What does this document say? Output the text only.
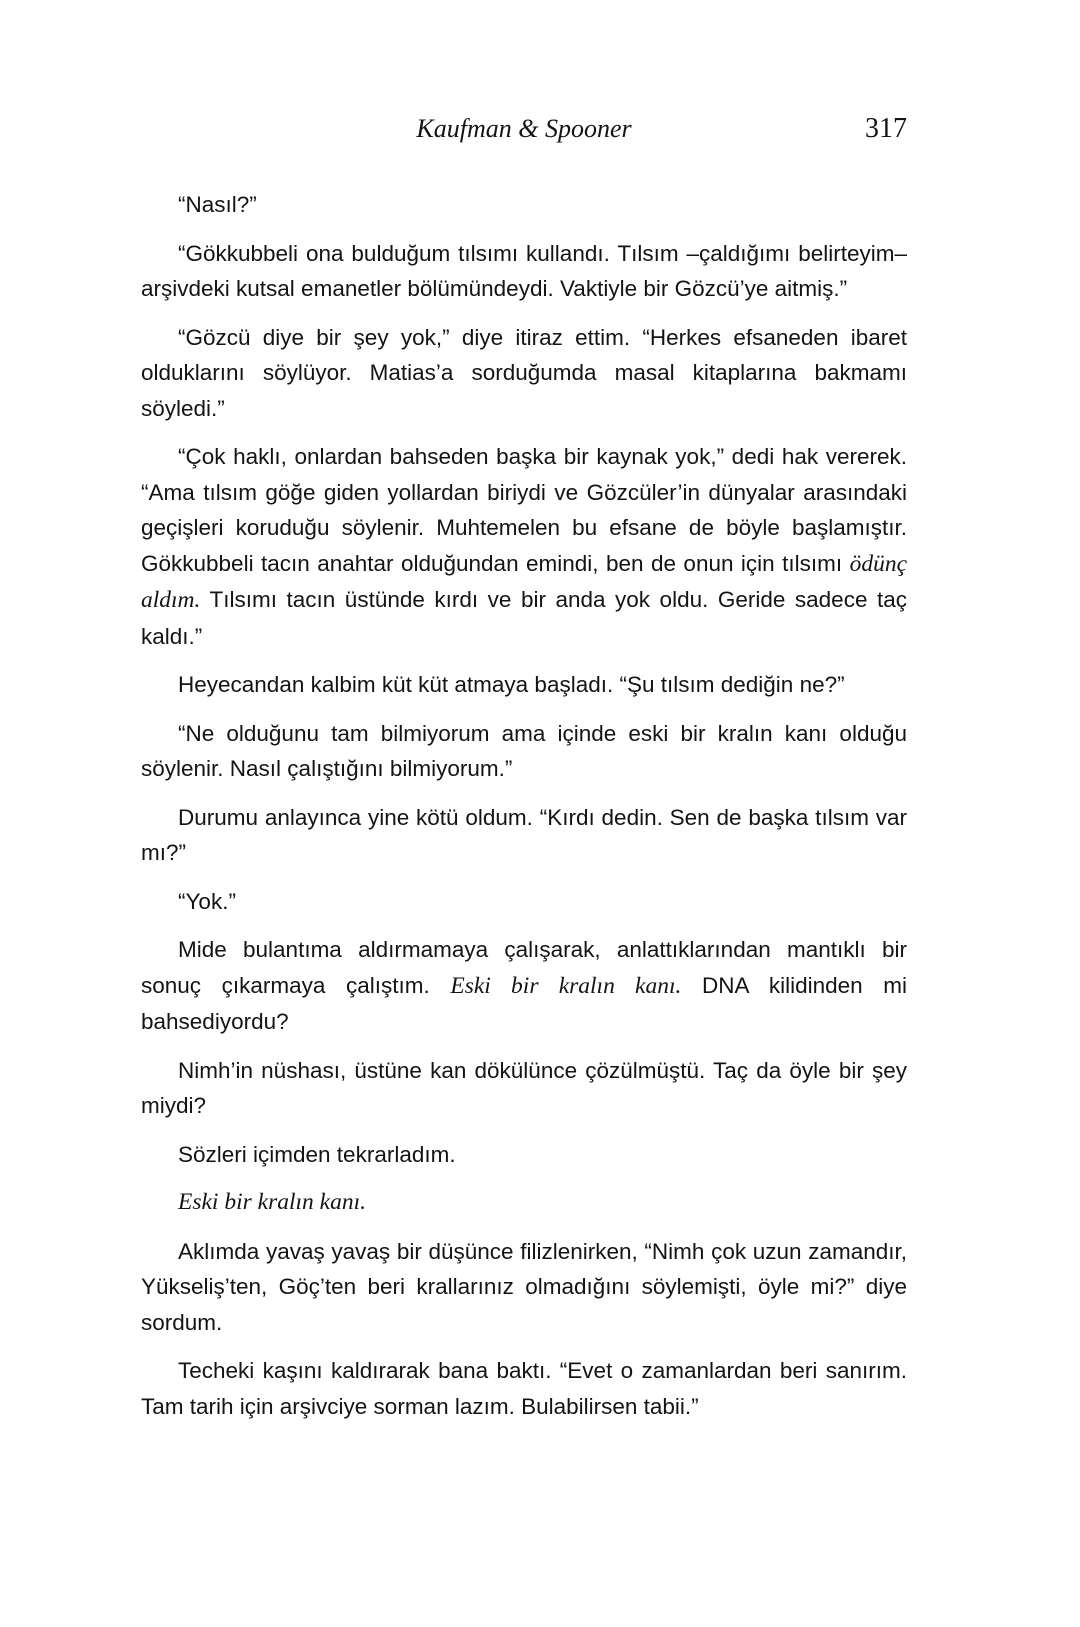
Kaufman & Spooner	317

“Nasıl?”

“Gökkubbeli ona bulduğum tılsımı kullandı. Tılsım –çaldığımı belirteyim– arşivdeki kutsal emanetler bölümündeydi. Vaktiyle bir Gözcü’ye aitmiş.”

“Gözcü diye bir şey yok,” diye itiraz ettim. “Herkes efsaneden ibaret olduklarını söylüyor. Matias’a sorduğumda masal kitaplarına bakmamı söyledi.”

“Çok haklı, onlardan bahseden başka bir kaynak yok,” dedi hak vererek. “Ama tılsım göğe giden yollardan biriydi ve Gözcüler’in dünyalar arasındaki geçişleri koruduğu söylenir. Muhtemelen bu efsane de böyle başlamıştır. Gökkubbeli tacın anahtar olduğundan emindi, ben de onun için tılsımı ödünç aldım. Tılsımı tacın üstünde kırdı ve bir anda yok oldu. Geride sadece taç kaldı.”

Heyecandan kalbim küt küt atmaya başladı. “Şu tılsım dediğin ne?”

“Ne olduğunu tam bilmiyorum ama içinde eski bir kralın kanı olduğu söylenir. Nasıl çalıştığını bilmiyorum.”

Durumu anlayınca yine kötü oldum. “Kırdı dedin. Sen de başka tılsım var mı?”

“Yok.”

Mide bulantıma aldırmamaya çalışarak, anlattıklarından mantıklı bir sonuç çıkarmaya çalıştım. Eski bir kralın kanı. DNA kilidinden mi bahsediyordu?

Nimh’in nüshası, üstüne kan dökülünce çözülmüştü. Taç da öyle bir şey miydi?

Sözleri içimden tekrarladım.

Eski bir kralın kanı.

Aklımda yavaş yavaş bir düşünce filizlenirken, “Nimh çok uzun zamandır, Yükseliş’ten, Göç’ten beri krallarınız olmadığını söylemişti, öyle mi?” diye sordum.

Techeki kaşını kaldırarak bana baktı. “Evet o zamanlardan beri sanırım. Tam tarih için arşivciye sorman lazım. Bulabilirsen tabii.”
